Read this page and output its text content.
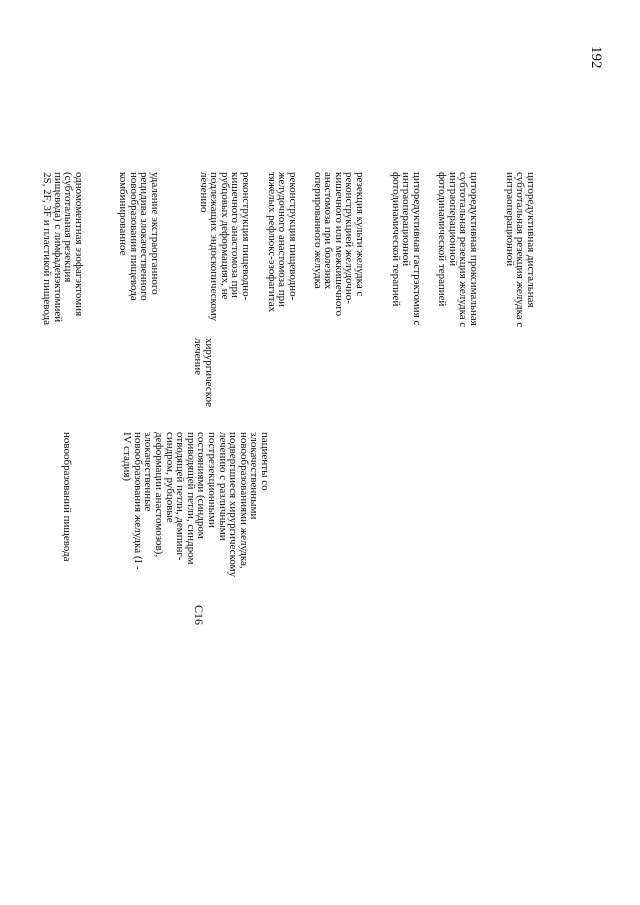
192
новообразований пищевода
одномоментная эзофагэктомия
(субтотальная резекция
пищевода) с лимфаденэктомией
2S, 2F, 3F и пластикой пищевода
удаление экстраорганного
рецидива злокачественного
новообразования пищевода
комбинированное
C16
пациенты со
злокачественными
новообразованиями желудка,
подвергшиеся хирургическому
лечению с различными
пострезекционными
состояниями (синдром
приводящей петли, синдром
отводящей петли, демпинг-
синдром, рубцовые
деформации анастомозов),
злокачественные
новообразования желудка (I -
IV стадия)
хирургическое
лечение
реконструкция пищеводно-
кишечного анастомоза при
рубцовых деформациях, не
подлежащих эндоскопическому
лечению	реконструкция пищеводно-
желудочного анастомоза при
тяжелых рефлюкс-эзофагитах
резекция культи желудка с
реконструкцией желудочно-
кишечного или межкишечного
анастомоза при болезнях
оперированного желудка
циторедуктивная гастрэктомия с
интраоперационной
фотодинамической терапией
циторедуктивная проксимальная
субтотальная резекция желудка с
интраоперационной
фотодинамической терапией
циторедуктивная дистальная
субтотальная резекция желудка с
интраоперационной
